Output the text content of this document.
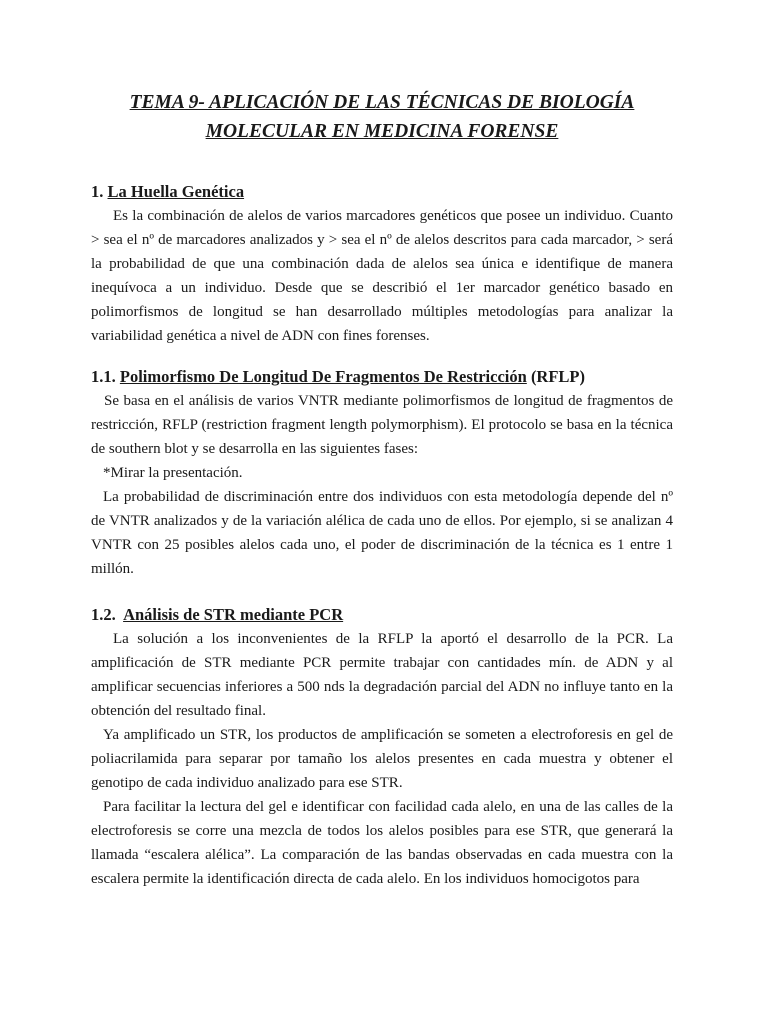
TEMA 9- APLICACIÓN DE LAS TÉCNICAS DE BIOLOGÍA
MOLECULAR EN MEDICINA FORENSE
1. La Huella Genética

Es la combinación de alelos de varios marcadores genéticos que posee un individuo. Cuanto > sea el nº de marcadores analizados y > sea el nº de alelos descritos para cada marcador, > será la probabilidad de que una combinación dada de alelos sea única e identifique de manera inequívoca a un individuo. Desde que se describió el 1er marcador genético basado en polimorfismos de longitud se han desarrollado múltiples metodologías para analizar la variabilidad genética a nivel de ADN con fines forenses.

1.1. Polimorfismo De Longitud De Fragmentos De Restricción (RFLP)

Se basa en el análisis de varios VNTR mediante polimorfismos de longitud de fragmentos de restricción, RFLP (restriction fragment length polymorphism). El protocolo se basa en la técnica de southern blot y se desarrolla en las siguientes fases:

*Mirar la presentación.

La probabilidad de discriminación entre dos individuos con esta metodología depende del nº de VNTR analizados y de la variación alélica de cada uno de ellos. Por ejemplo, si se analizan 4 VNTR con 25 posibles alelos cada uno, el poder de discriminación de la técnica es 1 entre 1 millón.

1.2.  Análisis de STR mediante PCR

La solución a los inconvenientes de la RFLP la aportó el desarrollo de la PCR. La amplificación de STR mediante PCR permite trabajar con cantidades mín. de ADN y al amplificar secuencias inferiores a 500 nds la degradación parcial del ADN no influye tanto en la obtención del resultado final.

Ya amplificado un STR, los productos de amplificación se someten a electroforesis en gel de poliacrilamida para separar por tamaño los alelos presentes en cada muestra y obtener el genotipo de cada individuo analizado para ese STR.

Para facilitar la lectura del gel e identificar con facilidad cada alelo, en una de las calles de la electroforesis se corre una mezcla de todos los alelos posibles para ese STR, que generará la llamada “escalera alélica”. La comparación de las bandas observadas en cada muestra con la escalera permite la identificación directa de cada alelo. En los individuos homocigotos para
